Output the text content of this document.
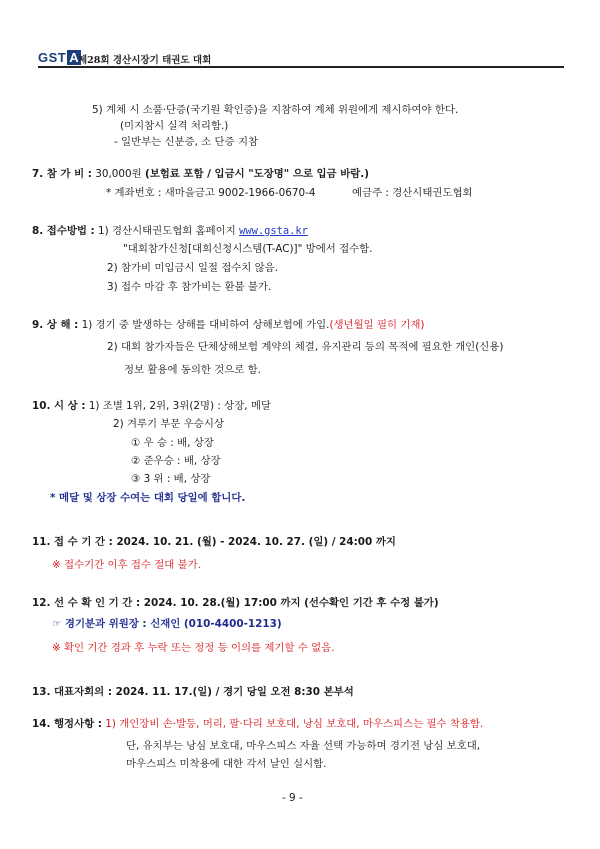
GST A 제28회 경산시장기 태권도 대회
5) 계체 시 소품·단증(국기원 확인증)을 지참하여 계체 위원에게 제시하여야 한다.
(미지참시 실격 처리함.)
- 일반부는 신분증, 소 단증 지참
7. 참 가 비 : 30,000원 (보험료 포함 / 입금시 "도장명" 으로 입금 바람.)
* 계좌번호 : 새마을금고 9002-1966-0670-4	예금주 : 경산시태권도협회
8. 접수방법 : 1) 경산시태권도협회 홈페이지 www.gsta.kr
"대회참가신청[대회신청시스템(T-AC)]" 방에서 접수함.
2) 참가비 미입금시 일절 접수치 않음.
3) 접수 마감 후 참가비는 환불 불가.
9. 상 해 : 1) 경기 중 발생하는 상해를 대비하여 상해보험에 가입.(생년월일 필히 기재)
2) 대회 참가자들은 단체상해보험 계약의 체결, 유지관리 등의 목적에 필요한 개인(신용)
정보 활용에 동의한 것으로 함.
10. 시 상 : 1) 조별 1위, 2위, 3위(2명) : 상장, 메달
2) 겨루기 부문 우승시상
① 우 승 : 배, 상장
② 준우승 : 배, 상장
③ 3 위 : 배, 상장
* 메달 및 상장 수여는 대회 당일에 합니다.
11. 접 수 기 간 : 2024. 10. 21. (월) - 2024. 10. 27. (일) / 24:00 까지
※ 접수기간 이후 접수 절대 불가.
12. 선 수 확 인 기 간 : 2024. 10. 28.(월) 17:00 까지 (선수확인 기간 후 수정 불가)
☞ 경기분과 위원장 : 신재인 (010-4400-1213)
※ 확인 기간 경과 후 누락 또는 정정 등 이의를 제기할 수 없음.
13. 대표자회의 : 2024. 11. 17.(일) / 경기 당일 오전 8:30 본부석
14. 행정사항 : 1) 개인장비 손·발등, 머리, 팔·다리 보호대, 낭심 보호대, 마우스피스는 필수 착용함.
단, 유치부는 낭심 보호대, 마우스피스 자율 선택 가능하며 경기전 낭심 보호대,
마우스피스 미착용에 대한 각서 날인 실시함.
- 9 -
